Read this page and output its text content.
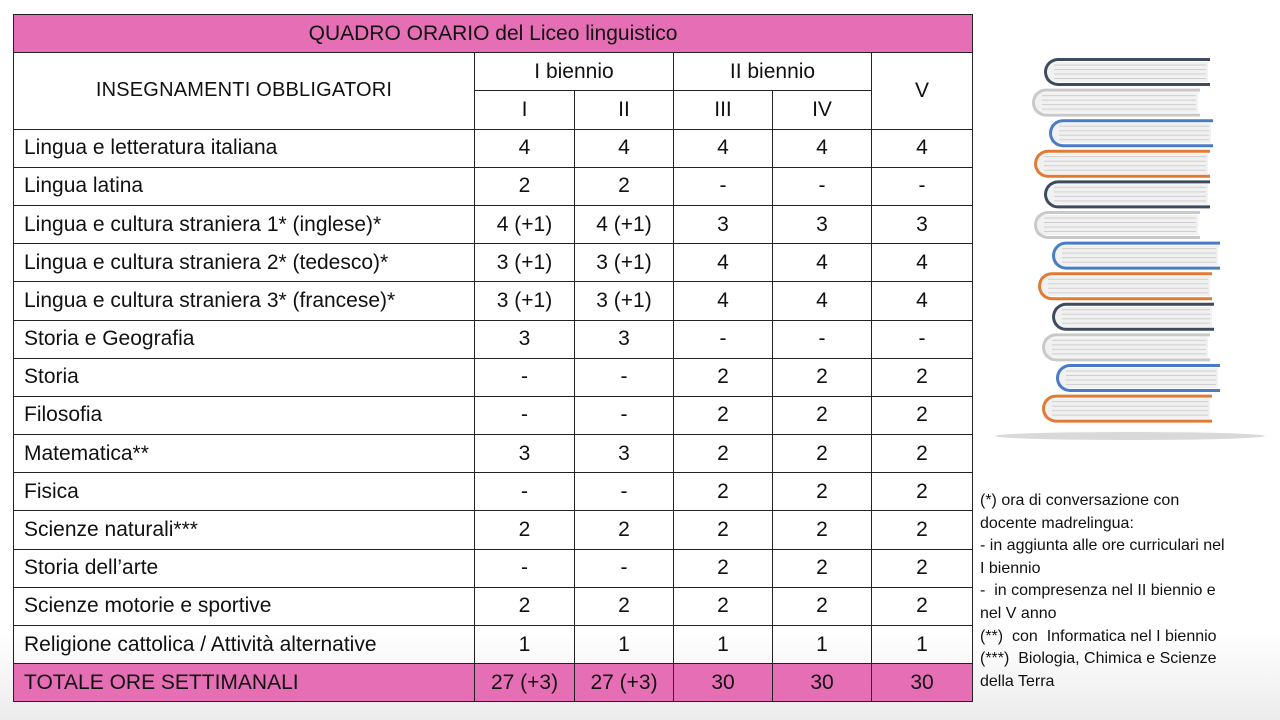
QUADRO ORARIO del Liceo linguistico					
INSEGNAMENTI OBBLIGATORI	I biennio		II biennio		V
	I	II	III	IV	
Lingua e letteratura italiana	4	4	4	4	4
Lingua latina	2	2	-	-	-
Lingua e cultura straniera 1* (inglese)*	4 (+1)	4 (+1)	3	3	3
Lingua e cultura straniera 2* (tedesco)*	3 (+1)	3 (+1)	4	4	4
Lingua e cultura straniera 3* (francese)*	3 (+1)	3 (+1)	4	4	4
Storia e Geografia	3	3	-	-	-
Storia	-	-	2	2	2
Filosofia	-	-	2	2	2
Matematica**	3	3	2	2	2
Fisica	-	-	2	2	2
Scienze naturali***	2	2	2	2	2
Storia dell’arte	-	-	2	2	2
Scienze motorie e sportive	2	2	2	2	2
Religione cattolica / Attività alternative	1	1	1	1	1
TOTALE ORE SETTIMANALI	27 (+3)	27 (+3)	30	30	30
(*) ora di conversazione con
docente madrelingua:
- in aggiunta alle ore curriculari nel
I biennio
-  in compresenza nel II biennio e
nel V anno
(**)  con  Informatica nel I biennio
(***)  Biologia, Chimica e Scienze
della Terra
